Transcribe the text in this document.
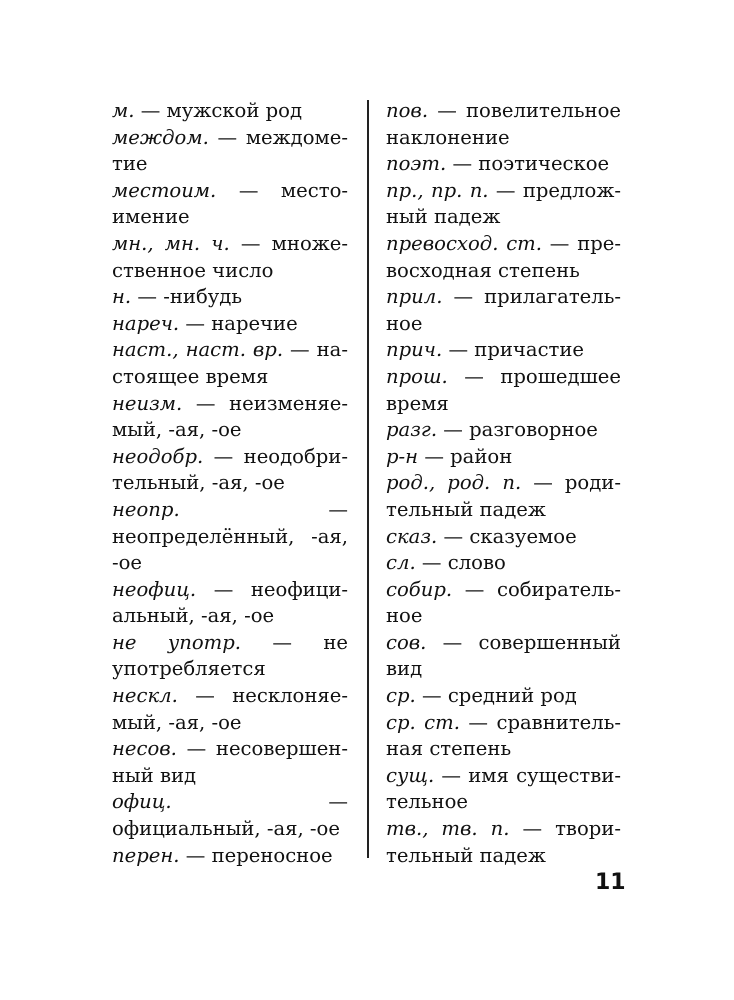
м. — мужской род

междом. — междометие

местоим. — местоимение

мн., мн. ч. — множественное число

н. — -нибудь

нареч. — наречие

наст., наст. вр. — настоящее время

неизм. — неизменяемый, -ая, -ое

неодобр. — неодобрительный, -ая, -ое

неопр.	— неопределённый, -ая, -ое

неофиц. — неофициальный, -ая, -ое

не употр. — не употребляется

нескл. — несклоняемый, -ая, -ое

несов. — несовершенный вид

офиц.	— официальный, -ая, -ое

перен. — переносное

пов. — повелительное наклонение

поэт. — поэтическое

пр., пр. п. — предложный падеж

превосход. ст. — превосходная степень

прил. — прилагательное

прич. — причастие

прош. — прошедшее время

разг. — разговорное

р-н — район

род., род. п. — родительный падеж

сказ. — сказуемое

сл. — слово

собир. — собирательное

сов. — совершенный вид

ср. — средний род

ср. ст. — сравнительная степень

сущ. — имя существительное

тв., тв. п. — творительный падеж

11
